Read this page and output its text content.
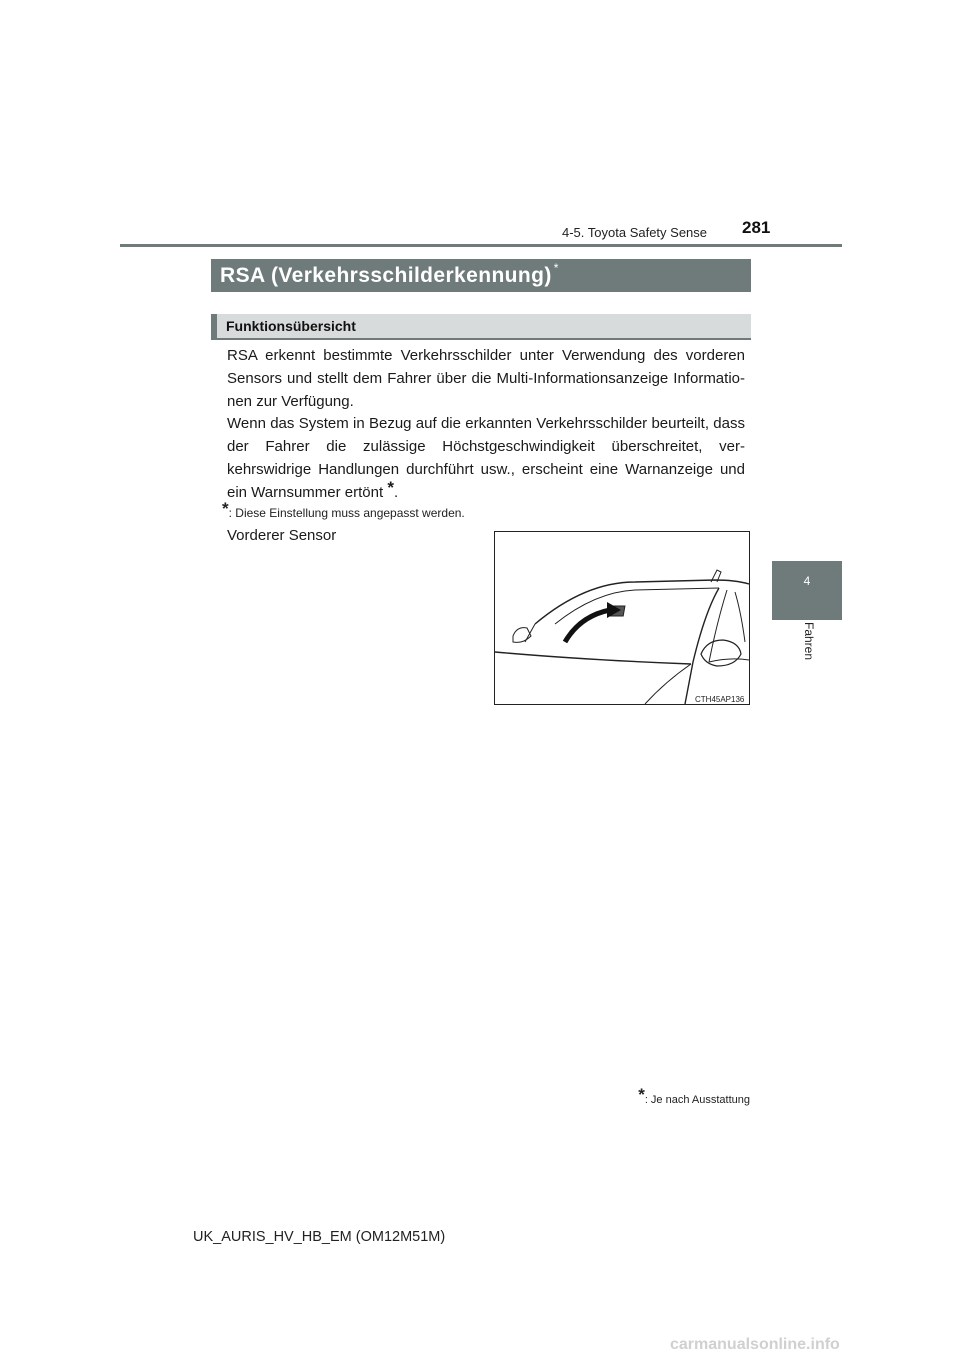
4-5. Toyota Safety Sense 281
RSA (Verkehrsschilderkennung) *
Funktionsübersicht
RSA erkennt bestimmte Verkehrsschilder unter Verwendung des vorderen Sensors und stellt dem Fahrer über die Multi-Informationsanzeige Informatio-nen zur Verfügung.
Wenn das System in Bezug auf die erkannten Verkehrsschilder beurteilt, dass der Fahrer die zulässige Höchstgeschwindigkeit überschreitet, ver-kehrswidrige Handlungen durchführt usw., erscheint eine Warnanzeige und ein Warnsummer ertönt *.
*: Diese Einstellung muss angepasst werden.
Vorderer Sensor
CTH45AP136
4
Fahren
*: Je nach Ausstattung
UK_AURIS_HV_HB_EM (OM12M51M)
carmanualsonline.info
